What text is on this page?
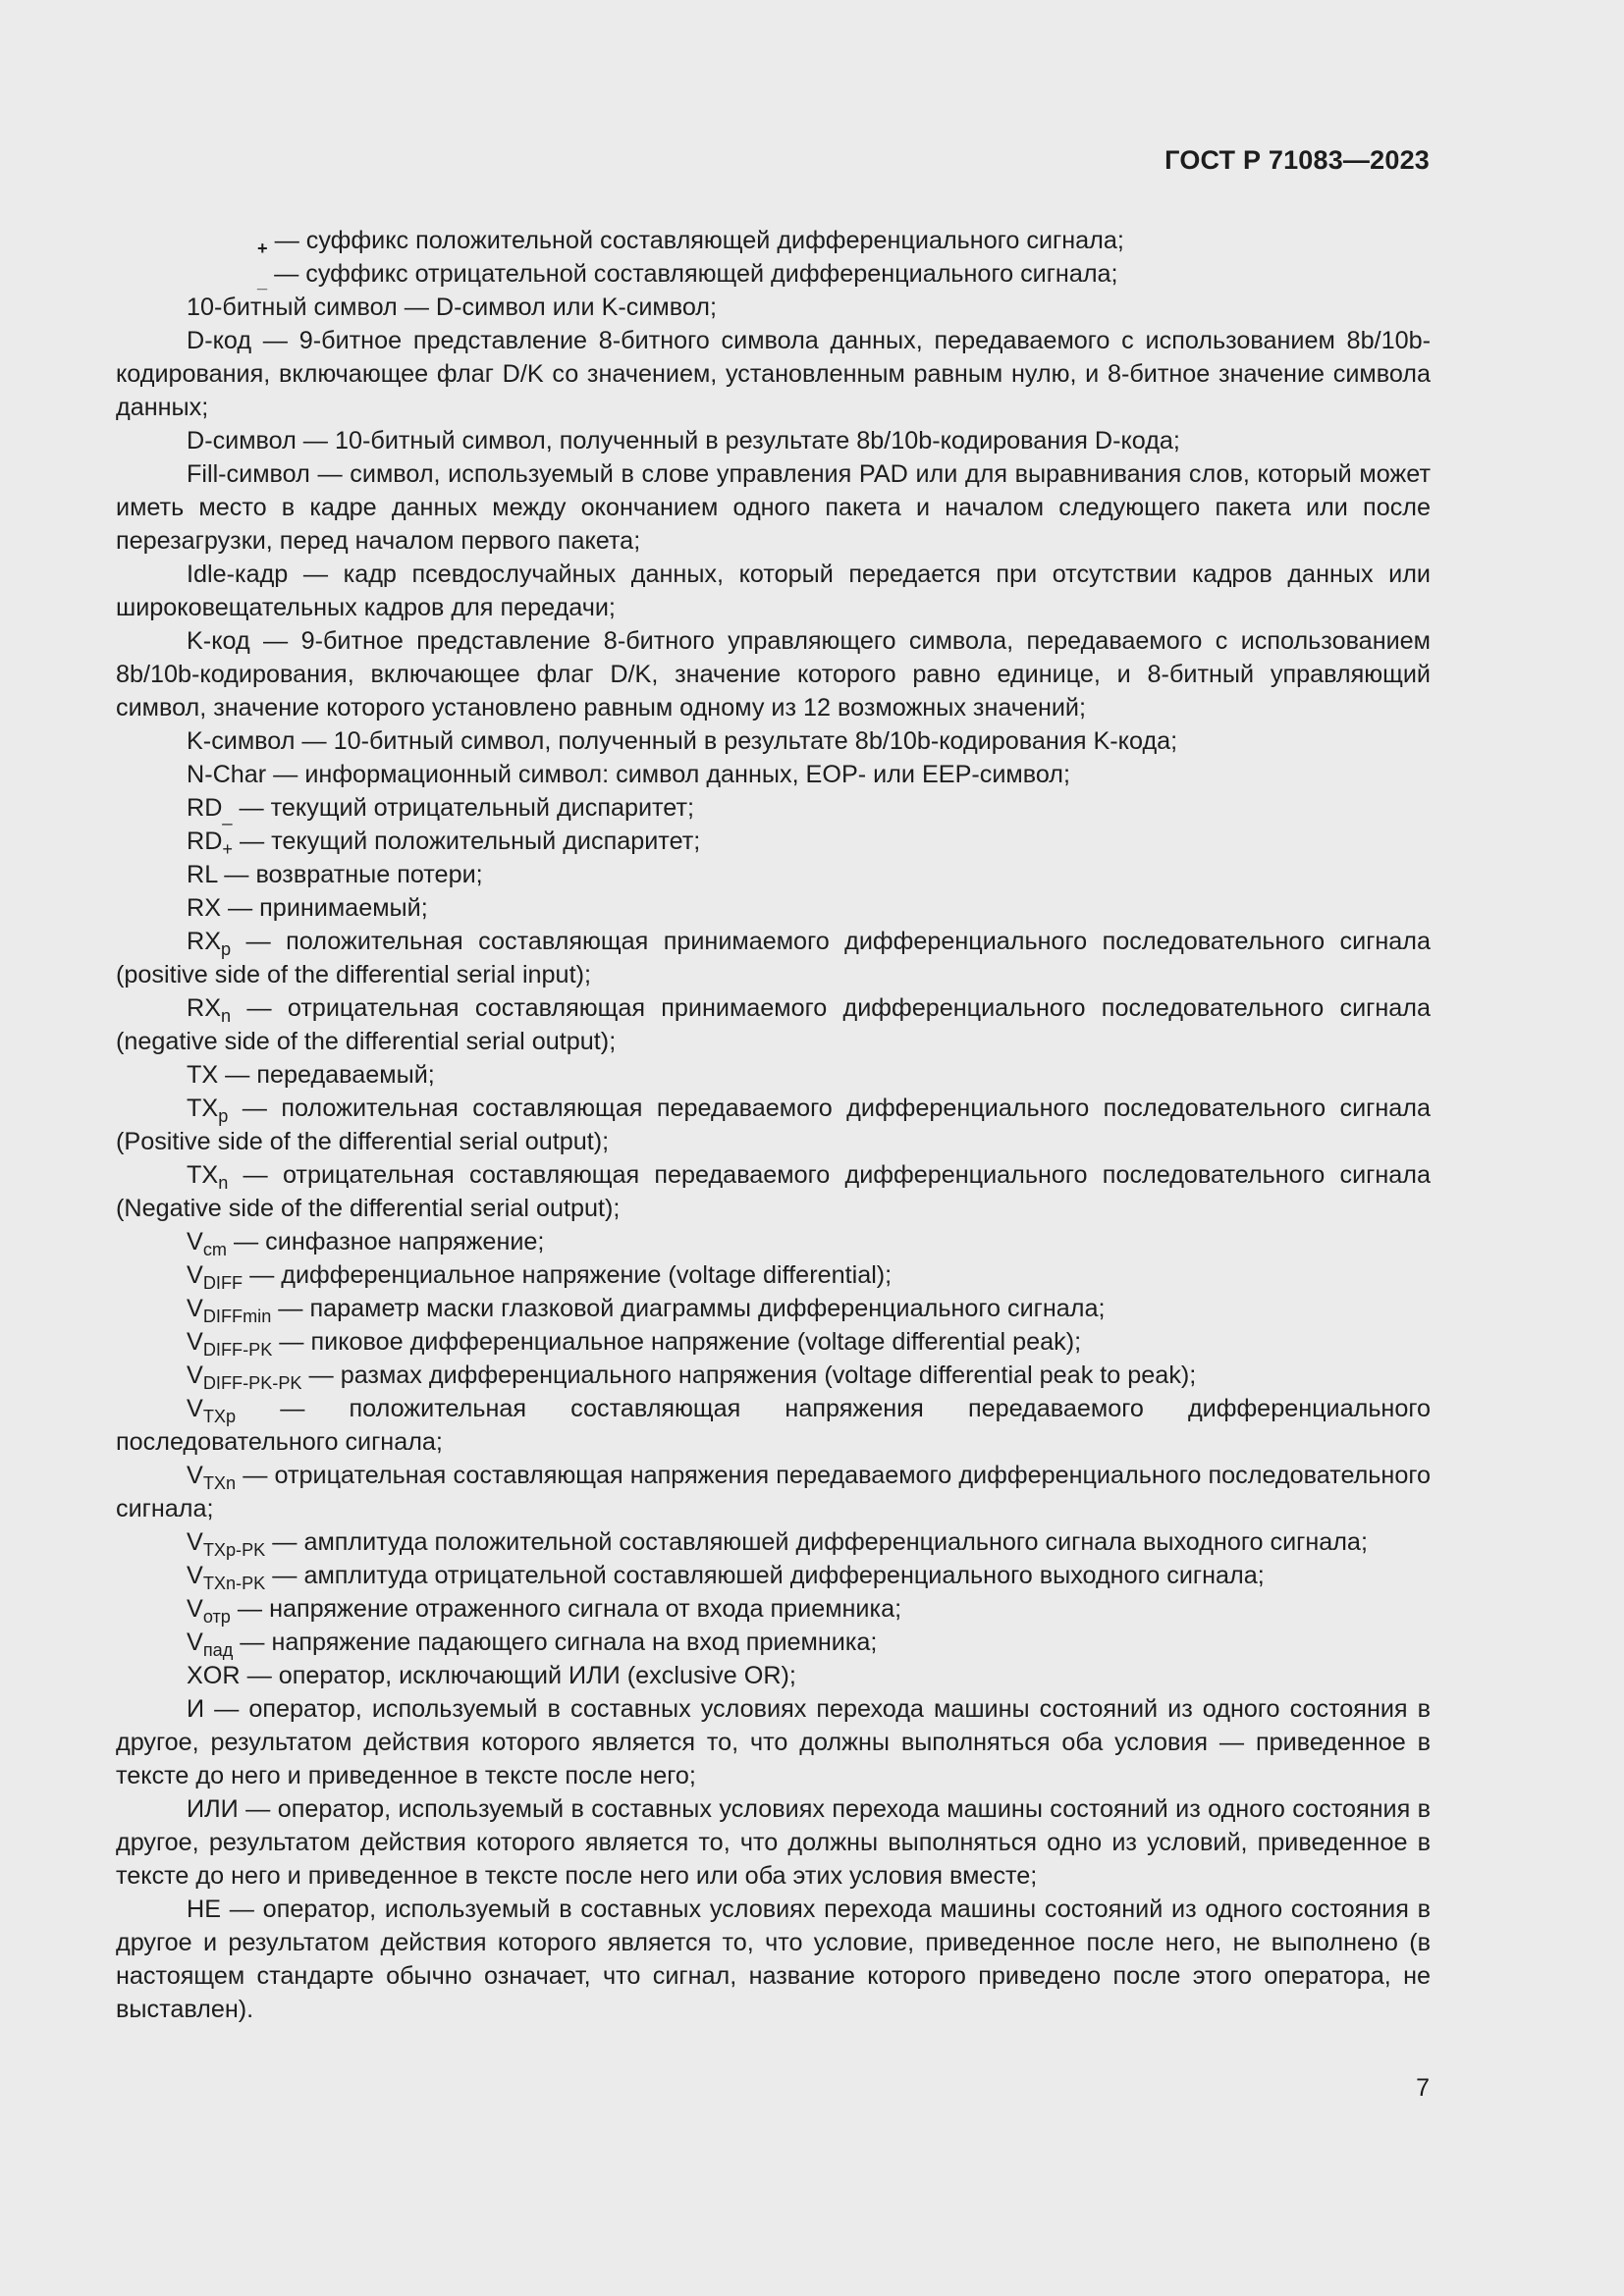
ГОСТ Р 71083—2023

+ — суффикс положительной составляющей дифференциального сигнала;

_ — суффикс отрицательной составляющей дифференциального сигнала;

10-битный символ — D-символ или K-символ;

D-код — 9-битное представление 8-битного символа данных, передаваемого с использованием 8b/10b-кодирования, включающее флаг D/K со значением, установленным равным нулю, и 8-битное значение символа данных;

D-символ — 10-битный символ, полученный в результате 8b/10b-кодирования D-кода;

Fill-символ — символ, используемый в слове управления PAD или для выравнивания слов, который может иметь место в кадре данных между окончанием одного пакета и началом следующего пакета или после перезагрузки, перед началом первого пакета;

Idle-кадр — кадр псевдослучайных данных, который передается при отсутствии кадров данных или широковещательных кадров для передачи;

K-код — 9-битное представление 8-битного управляющего символа, передаваемого с использованием 8b/10b-кодирования, включающее флаг D/K, значение которого равно единице, и 8-битный управляющий символ, значение которого установлено равным одному из 12 возможных значений;

K-символ — 10-битный символ, полученный в результате 8b/10b-кодирования K-кода;

N-Char — информационный символ: символ данных, EOP- или EEP-символ;

$RD_{\_}$ — текущий отрицательный диспаритет;

$RD_+$ — текущий положительный диспаритет;

RL — возвратные потери;

RX — принимаемый;

$RX_p$ — положительная составляющая принимаемого дифференциального последовательного сигнала (positive side of the differential serial input);

$RX_n$ — отрицательная составляющая принимаемого дифференциального последовательного сигнала (negative side of the differential serial output);

TX — передаваемый;

$TX_p$ — положительная составляющая передаваемого дифференциального последовательного сигнала (Positive side of the differential serial output);

$TX_n$ — отрицательная составляющая передаваемого дифференциального последовательного сигнала (Negative side of the differential serial output);

$V_{cm}$ — синфазное напряжение;

$V_{DIFF}$ — дифференциальное напряжение (voltage differential);

$V_{DIFFmin}$ — параметр маски глазковой диаграммы дифференциального сигнала;

$V_{DIFF-PK}$ — пиковое дифференциальное напряжение (voltage differential peak);

$V_{DIFF-PK-PK}$ — размах дифференциального напряжения (voltage differential peak to peak);

$V_{TXp}$ — положительная составляющая напряжения передаваемого дифференциального последовательного сигнала;

$V_{TXn}$ — отрицательная составляющая напряжения передаваемого дифференциального последовательного сигнала;

$V_{TXp-PK}$ — амплитуда положительной составляюшей дифференциального сигнала выходного сигнала;

$V_{TXn-PK}$ — амплитуда отрицательной составляюшей дифференциального выходного сигнала;

$V_{отр}$ — напряжение отраженного сигнала от входа приемника;

$V_{пад}$ — напряжение падающего сигнала на вход приемника;

XOR — оператор, исключающий ИЛИ (exclusive OR);

И — оператор, используемый в составных условиях перехода машины состояний из одного состояния в другое, результатом действия которого является то, что должны выполняться оба условия — приведенное в тексте до него и приведенное в тексте после него;

ИЛИ — оператор, используемый в составных условиях перехода машины состояний из одного состояния в другое, результатом действия которого является то, что должны выполняться одно из условий, приведенное в тексте до него и приведенное в тексте после него или оба этих условия вместе;

НЕ — оператор, используемый в составных условиях перехода машины состояний из одного состояния в другое и результатом действия которого является то, что условие, приведенное после него, не выполнено (в настоящем стандарте обычно означает, что сигнал, название которого приведено после этого оператора, не выставлен).

7
